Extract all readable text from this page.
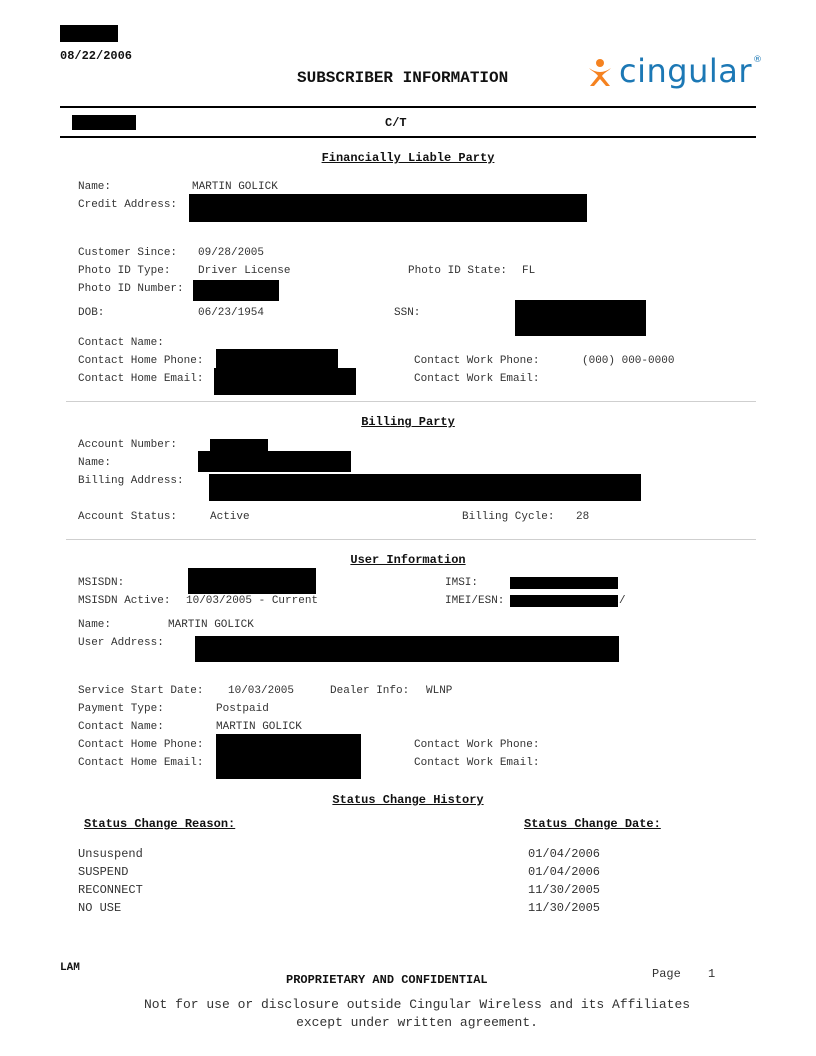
08/22/2006
SUBSCRIBER INFORMATION	cingular ®
C/T
Financially Liable Party
Name:	MARTIN GOLICK
Credit Address:
Customer Since: 09/28/2005
Photo ID Type:	Driver License	Photo ID State: FL
Photo ID Number:
DOB:	06/23/1954	SSN:
Contact Name:
Contact Home Phone:	Contact Work Phone:	(000) 000-0000
Contact Home Email:	Contact Work Email:
Billing Party
Account Number:
Name:
Billing Address:
Account Status:	Active	Billing Cycle: 28
User Information
MSISDN:	IMSI:
MSISDN Active: 10/03/2005 - Current	IMEI/ESN:	/
Name:	MARTIN GOLICK
User Address:
Service Start Date: 10/03/2005	Dealer Info: WLNP
Payment Type:	Postpaid
Contact Name:	MARTIN GOLICK
Contact Home Phone:	Contact Work Phone:
Contact Home Email:	Contact Work Email:
Status Change History
Status Change Reason:	Status Change Date:
Unsuspend	01/04/2006
SUSPEND	01/04/2006
RECONNECT	11/30/2005
NO USE	11/30/2005
LAM
PROPRIETARY AND CONFIDENTIAL	Page 1
Not for use or disclosure outside Cingular Wireless and its Affiliates
except under written agreement.
